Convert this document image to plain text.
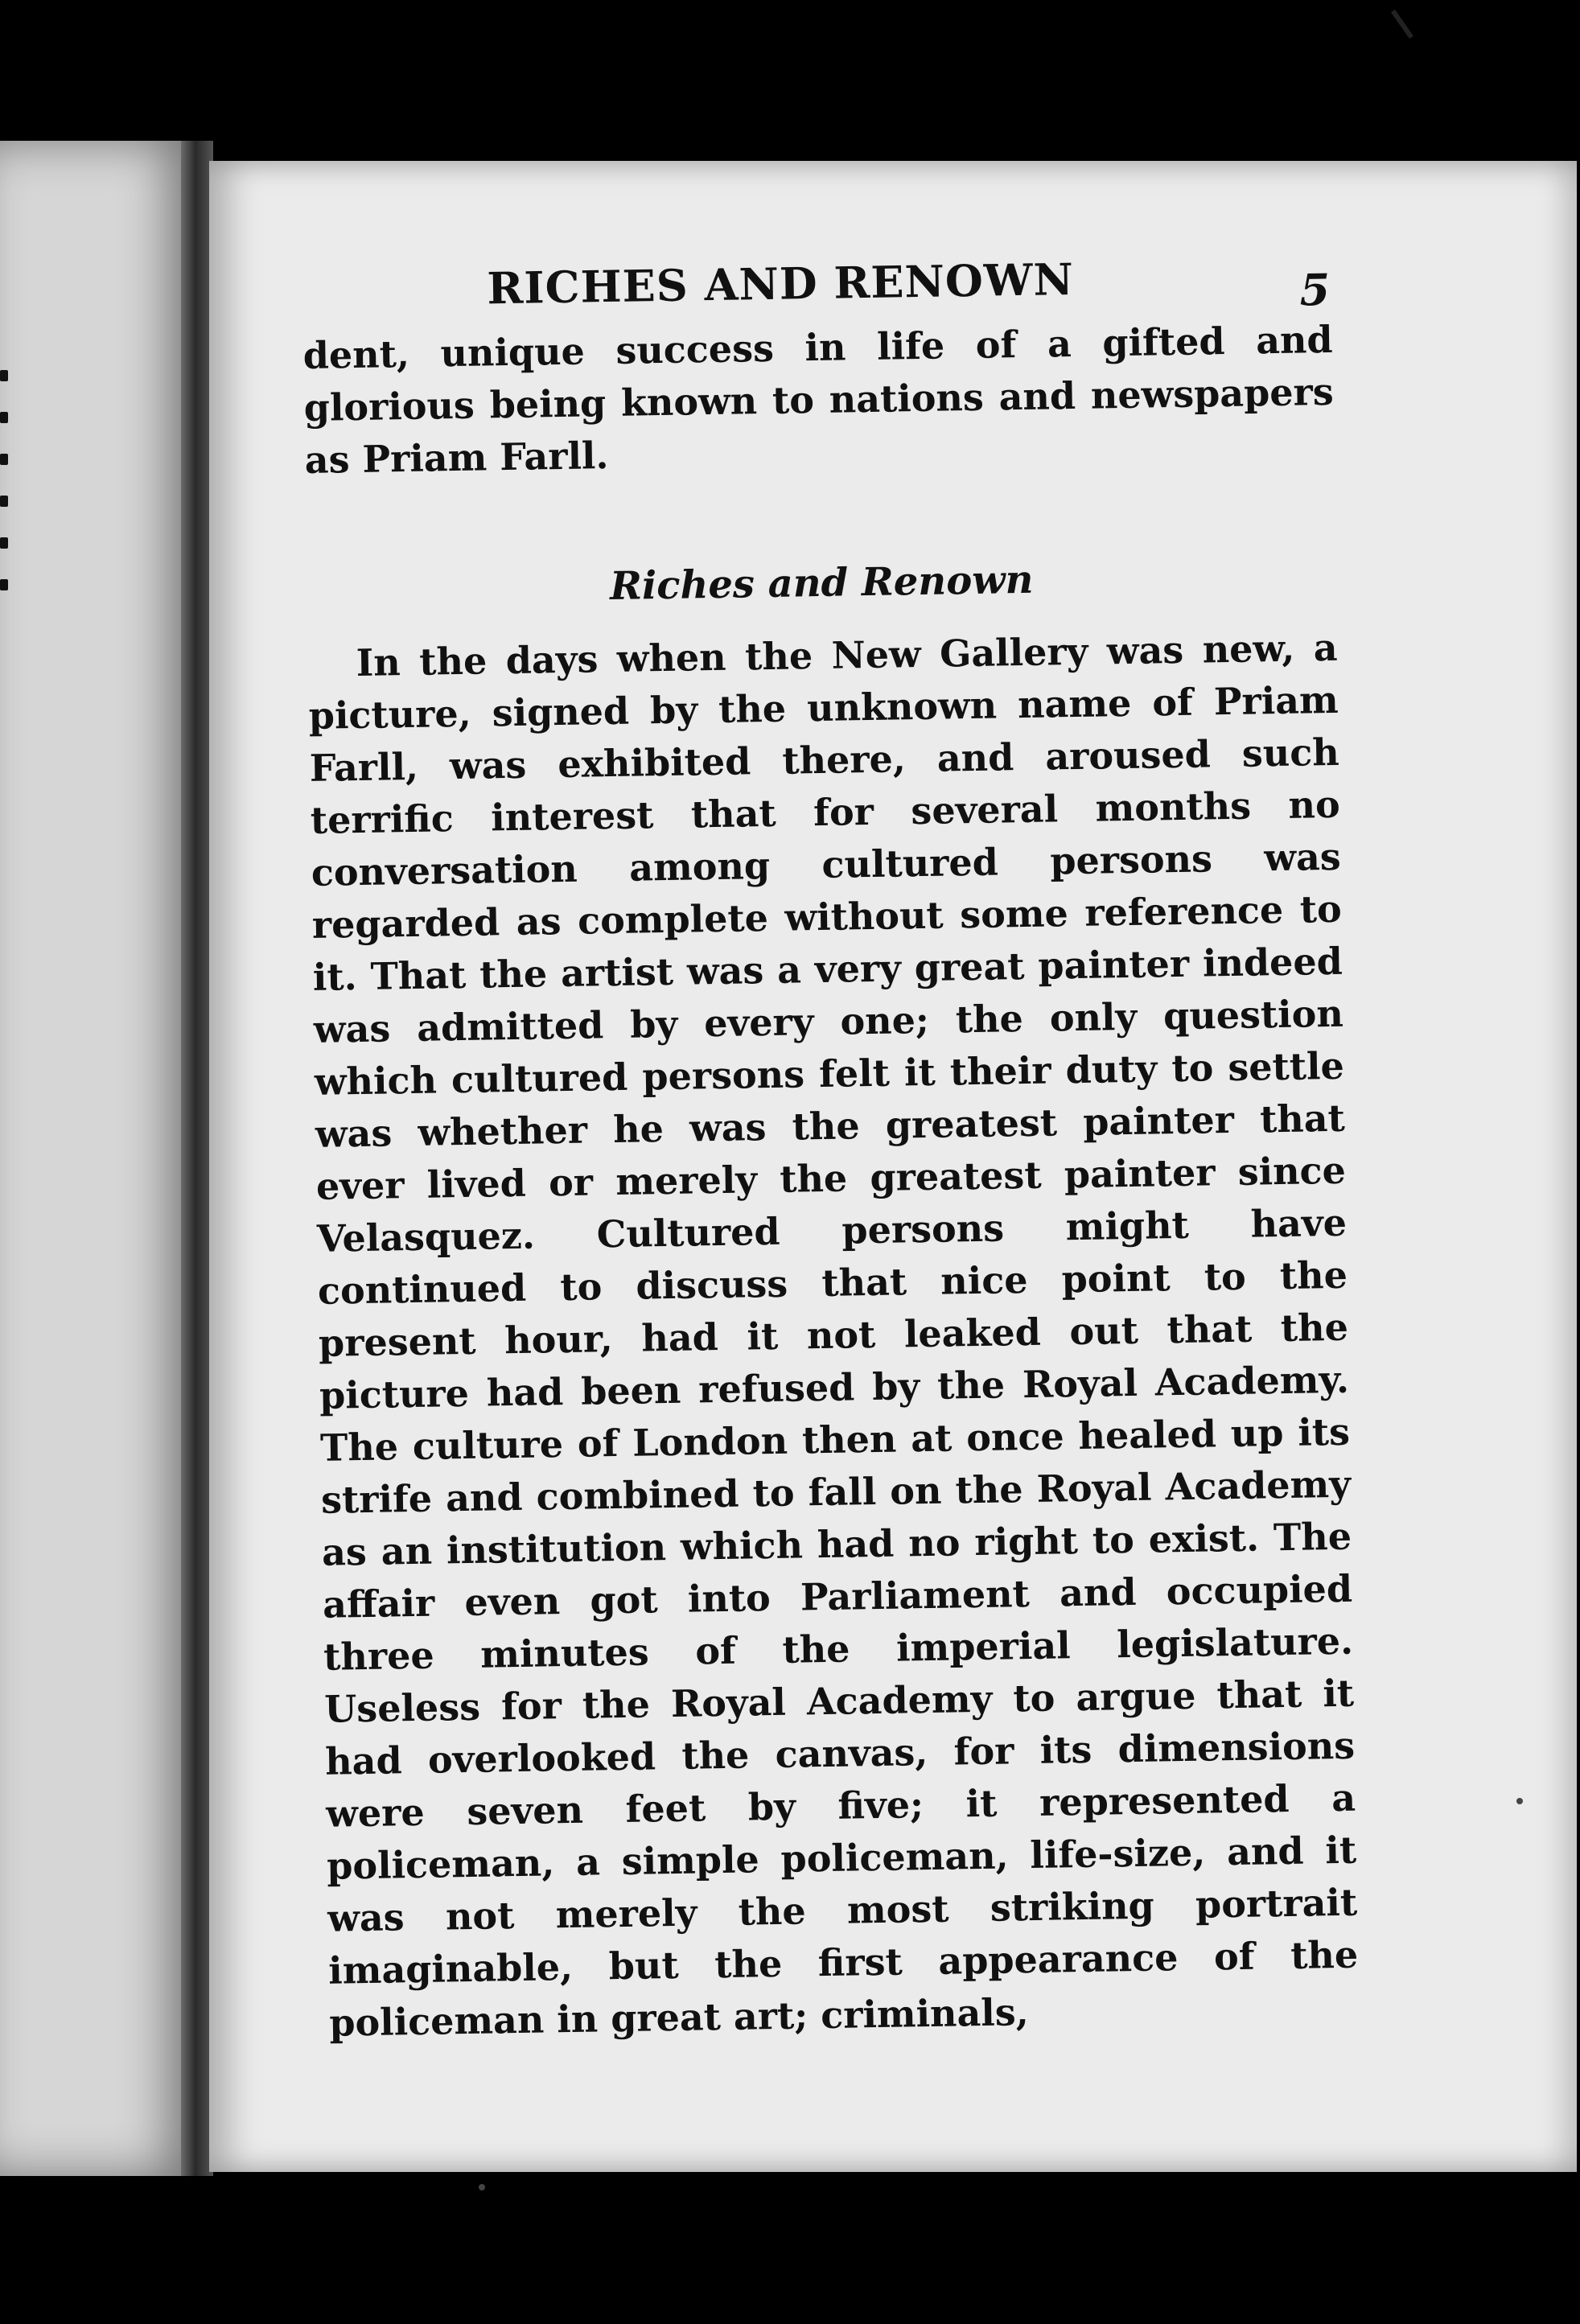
RICHES AND RENOWN	5

dent, unique success in life of a gifted and glorious being known to nations and newspapers as Priam Farll.

Riches and Renown

In the days when the New Gallery was new, a picture, signed by the unknown name of Priam Farll, was exhibited there, and aroused such terrific interest that for several months no conversation among cultured persons was regarded as complete without some reference to it. That the artist was a very great painter indeed was admitted by every one; the only question which cultured persons felt it their duty to settle was whether he was the greatest painter that ever lived or merely the greatest painter since Velasquez. Cultured persons might have continued to discuss that nice point to the present hour, had it not leaked out that the picture had been refused by the Royal Academy. The culture of London then at once healed up its strife and combined to fall on the Royal Academy as an institution which had no right to exist. The affair even got into Parliament and occupied three minutes of the imperial legislature. Useless for the Royal Academy to argue that it had overlooked the canvas, for its dimensions were seven feet by five; it represented a policeman, a simple policeman, life-size, and it was not merely the most striking portrait imaginable, but the first appearance of the policeman in great art; criminals,
